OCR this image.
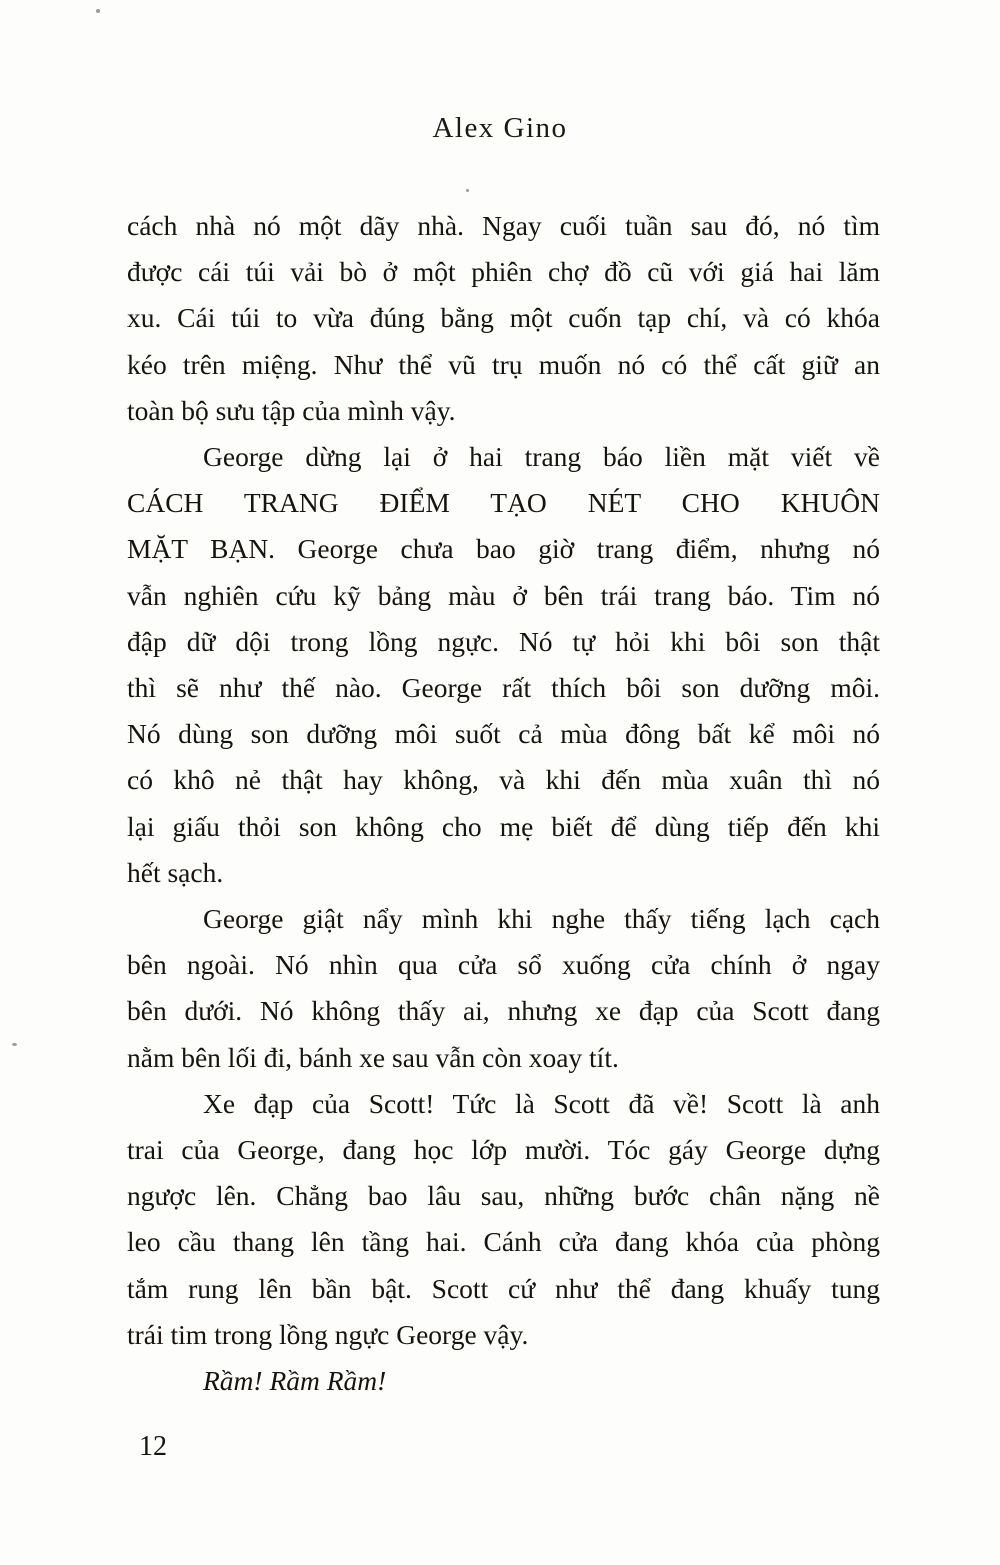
Alex Gino
cách nhà nó một dãy nhà. Ngay cuối tuần sau đó, nó tìm
được cái túi vải bò ở một phiên chợ đồ cũ với giá hai lăm
xu. Cái túi to vừa đúng bằng một cuốn tạp chí, và có khóa
kéo trên miệng. Như thể vũ trụ muốn nó có thể cất giữ an
toàn bộ sưu tập của mình vậy.
George dừng lại ở hai trang báo liền mặt viết về
CÁCH TRANG ĐIỂM TẠO NÉT CHO KHUÔN
MẶT BẠN. George chưa bao giờ trang điểm, nhưng nó
vẫn nghiên cứu kỹ bảng màu ở bên trái trang báo. Tim nó
đập dữ dội trong lồng ngực. Nó tự hỏi khi bôi son thật
thì sẽ như thế nào. George rất thích bôi son dưỡng môi.
Nó dùng son dưỡng môi suốt cả mùa đông bất kể môi nó
có khô nẻ thật hay không, và khi đến mùa xuân thì nó
lại giấu thỏi son không cho mẹ biết để dùng tiếp đến khi
hết sạch.
George giật nẩy mình khi nghe thấy tiếng lạch cạch
bên ngoài. Nó nhìn qua cửa sổ xuống cửa chính ở ngay
bên dưới. Nó không thấy ai, nhưng xe đạp của Scott đang
nằm bên lối đi, bánh xe sau vẫn còn xoay tít.
Xe đạp của Scott! Tức là Scott đã về! Scott là anh
trai của George, đang học lớp mười. Tóc gáy George dựng
ngược lên. Chẳng bao lâu sau, những bước chân nặng nề
leo cầu thang lên tầng hai. Cánh cửa đang khóa của phòng
tắm rung lên bần bật. Scott cứ như thể đang khuấy tung
trái tim trong lồng ngực George vậy.
Rầm! Rầm Rầm!
12
